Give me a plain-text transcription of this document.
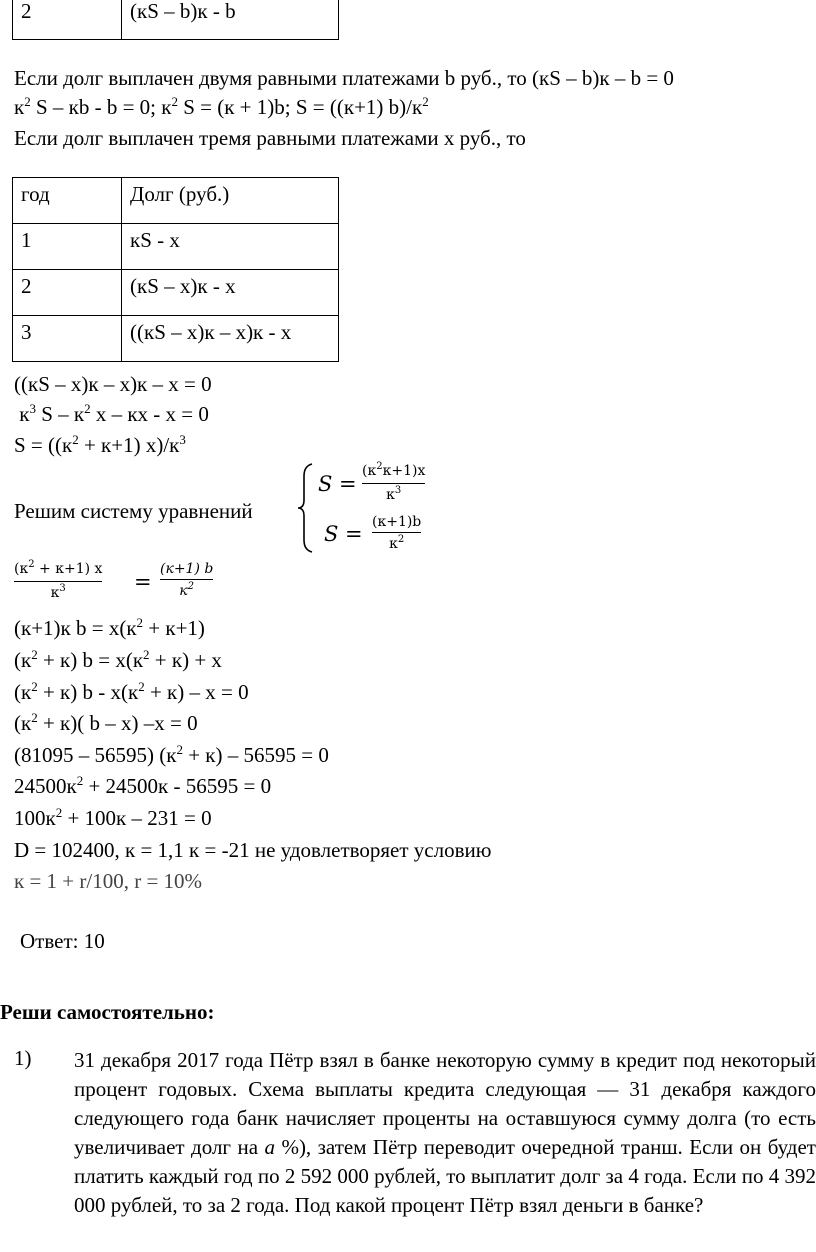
2	(кS – b)к - b
Если долг выплачен двумя равными платежами b руб., то (кS – b)к – b = 0
$к^2$ S – кb - b = 0; $к^2$ S = (к + 1)b; S = ((к+1) $b)/к^2$
Если долг выплачен тремя равными платежами х руб., то
год	Долг (руб.)
1	кS - х
2	(кS – х)к - х
3	((кS – х)к – х)к - х
((кS – х)к – х)к – х = 0
$к^3$ S – $к^2$ х – кх - х = 0
$S = ((к^2 + к+1)$ $х)/к^3$
Решим систему уравнений
S =
$(к^2к+1)х$
$к^3$
S = (к+1)b
$к^2$
$(к^2 + к+1)$ х
$к^3$	=
(к+1) b
$к^2$
(к+1)к $b = х(к^2 + к+1)$
$(к^2 + к) b = х(к^2 + к) + х$
$(к^2 + к)$ $b - х(к^2 + к) - х = 0$
$(к^2 + к)$( b – х) –х = 0
(81095 – 56595) $(к^2 + к) - 56595 = 0$
$24500к^2 + 24500к - 56595 = 0$
$100к^2 + 100к - 231 = 0$
D = 102400, к = 1,1 к = -21 не удовлетворяет условию
к = 1 + r/100, r = 10%
Ответ: 10
Реши самостоятельно:
1) 31 декабря 2017 года Пётр взял в банке некоторую сумму в кредит под некоторый процент годовых. Схема выплаты кредита следующая — 31 декабря каждого следующего года банк начисляет проценты на оставшуюся сумму долга (то есть увеличивает долг на a %), затем Пётр переводит очередной транш. Если он будет платить каждый год по 2 592 000 рублей, то выплатит долг за 4 года. Если по 4 392 000 рублей, то за 2 года. Под какой процент Пётр взял деньги в банке?
